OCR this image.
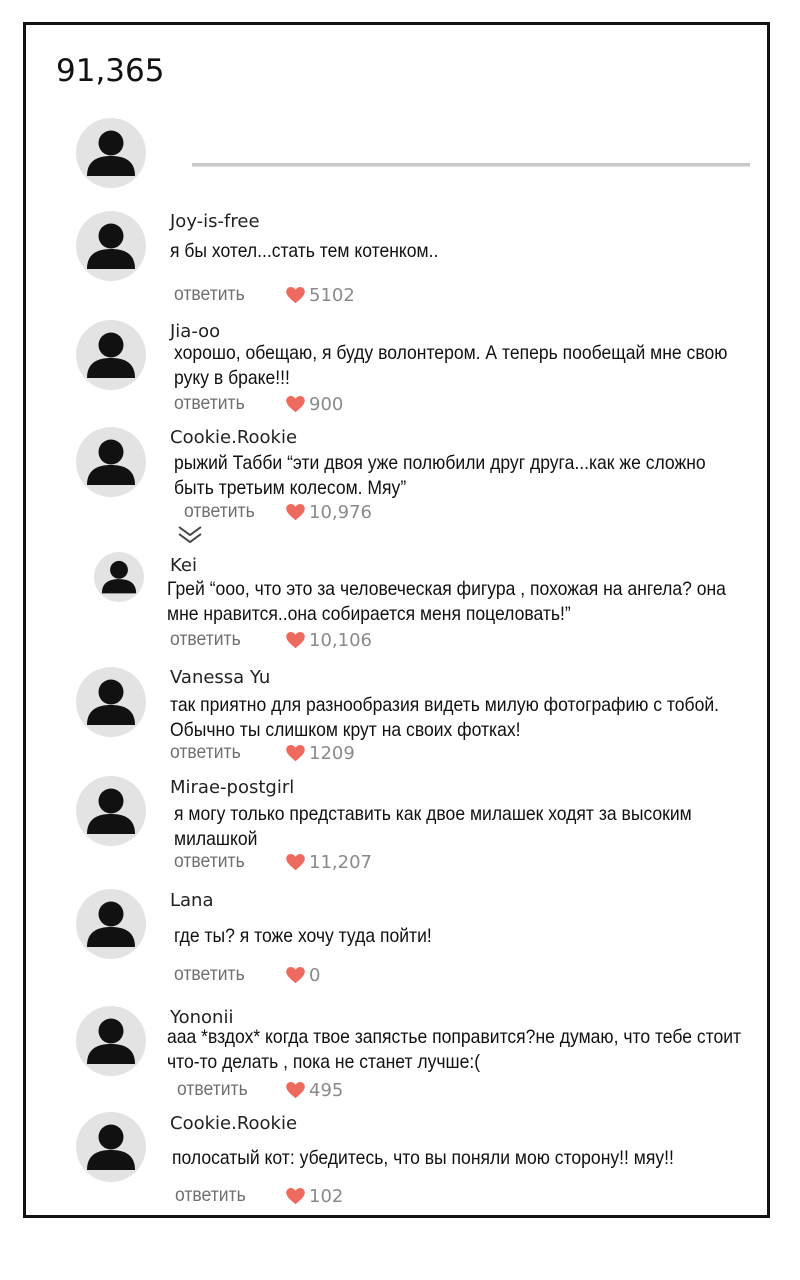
91,365
Joy-is-free
я бы хотел...стать тем котенком..
ответить	5102
Jia-oo
хорошо, обещаю, я буду волонтером. А теперь пообещай мне свою руку в браке!!!
ответить	900
Cookie.Rookie
рыжий Табби “эти двоя уже полюбили друг друга...как же сложно быть третьим колесом. Мяу”
ответить	10,976
Kei
Грей “ооо, что это за человеческая фигура , похожая на ангела? она мне нравится..она собирается меня поцеловать!”
ответить	10,106
Vanessa Yu
так приятно для разнообразия видеть милую фотографию с тобой. Обычно ты слишком крут на своих фотках!
ответить	1209
Mirae-postgirl
я могу только представить как двое милашек ходят за высоким милашкой
ответить	11,207
Lana
где ты? я тоже хочу туда пойти!
ответить	0
Yononii
ааа *вздох* когда твое запястье поправится?не думаю, что тебе стоит что-то делать , пока не станет лучше:(
ответить	495
Cookie.Rookie
полосатый кот: убедитесь, что вы поняли мою сторону!! мяу!!
ответить	102
